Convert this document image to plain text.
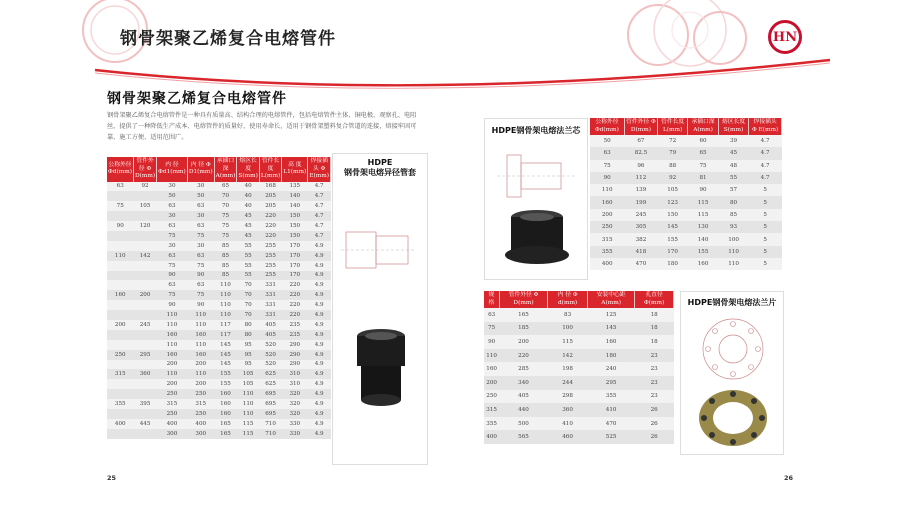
钢骨架聚乙烯复合电熔管件	HN
钢骨架聚乙烯复合电熔管件
钢骨架聚乙烯复合电熔管件是一种具有质量高、结构合理的电熔管件，包括电熔管件主体、铜电极、观察孔、电阻丝，提供了一种降低生产成本、电熔管件的质量好、使用寿命长，适用于钢骨架塑料复合管道的连接，熔接牢固可靠、施工方便、适用范围广。
公称外径 Φd(mm)	管件外径 Φ D(mm)	内 径 Φd1(mm)	内 径 Φ D1(mm)	承插口深 A(mm)	熔区长度 S(mm)	管件长度 L(mm)	高 度 L1(mm)	焊接插头 Φ E(mm)
63	92	30	30	65	40	168	135	4.7
		50	50	70	40	205	140	4.7
75	105	63	63	70	40	205	140	4.7
		30	30	75	45	220	150	4.7
90	120	63	63	75	45	220	150	4.7
		75	75	75	45	220	150	4.7
		30	30	85	55	255	170	4.9
110	142	63	63	85	55	255	170	4.9
		75	75	85	55	255	170	4.9
		90	90	85	55	255	170	4.9
		63	63	110	70	331	220	4.9
160	200	75	75	110	70	331	220	4.9
		90	90	110	70	331	220	4.9
		110	110	110	70	331	220	4.9
200	245	110	110	117	80	405	235	4.9
		160	160	117	80	405	235	4.9
		110	110	145	95	520	290	4.9
250	295	160	160	145	95	520	290	4.9
		200	200	145	95	520	290	4.9
315	360	110	110	155	105	625	310	4.9
		200	200	155	105	625	310	4.9
		250	250	160	110	695	320	4.9
355	395	315	315	160	110	695	320	4.9
		250	250	160	110	695	320	4.9
400	445	400	400	165	115	710	330	4.9
		300	300	165	115	710	330	4.9
HDPE
钢骨架电熔异径管套
HDPE钢骨架电熔法兰芯
公称外径 Φd(mm)	管件外径 Φ D(mm)	管件长度 L(mm)	承插口深 A(mm)	熔区长度 S(mm)	焊接插头 Φ E(mm)
50	67	72	60	39	4.7
63	82.5	79	65	45	4.7
75	96	88	75	48	4.7
90	112	92	81	55	4.7
110	139	105	90	57	5
160	199	123	115	80	5
200	245	150	115	85	5
250	305	145	130	93	5
315	382	155	140	100	5
355	418	170	155	110	5
400	470	180	160	110	5
规 格	管件外径 Φ D(mm)	内 径 Φ d(mm)	安装中心距 A(mm)	孔直径 Φ(mm)
63	165	83	125	18
75	185	100	145	18
90	200	115	160	18
110	220	142	180	23
160	285	198	240	23
200	340	244	295	23
250	405	298	355	23
315	440	360	410	26
355	500	410	470	26
400	565	460	525	26
HDPE钢骨架电熔法兰片
25	26
